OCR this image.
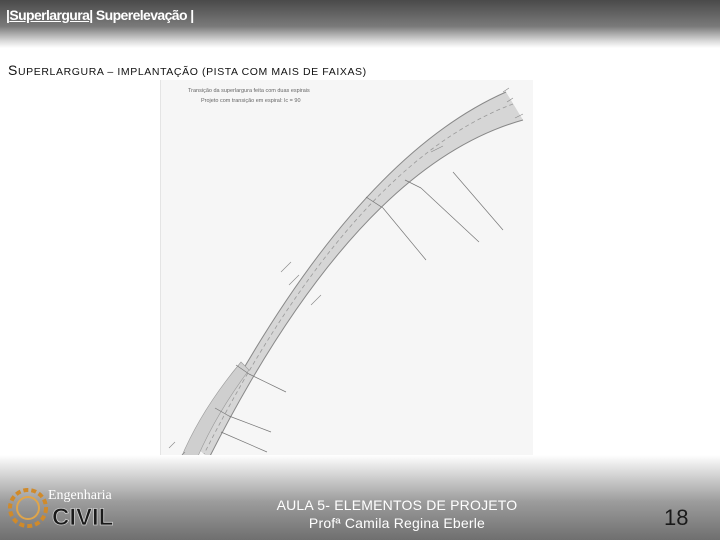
|Superlargura| Superelevação |
SUPERLARGURA – IMPLANTAÇÃO (PISTA COM MAIS DE FAIXAS)
Transição da superlargura feita com duas espirais
Projeto com transição em espiral: lc = 90
Engenharia
CIVIL	AULA 5- ELEMENTOS DE PROJETO
Profª Camila Regina Eberle	18
